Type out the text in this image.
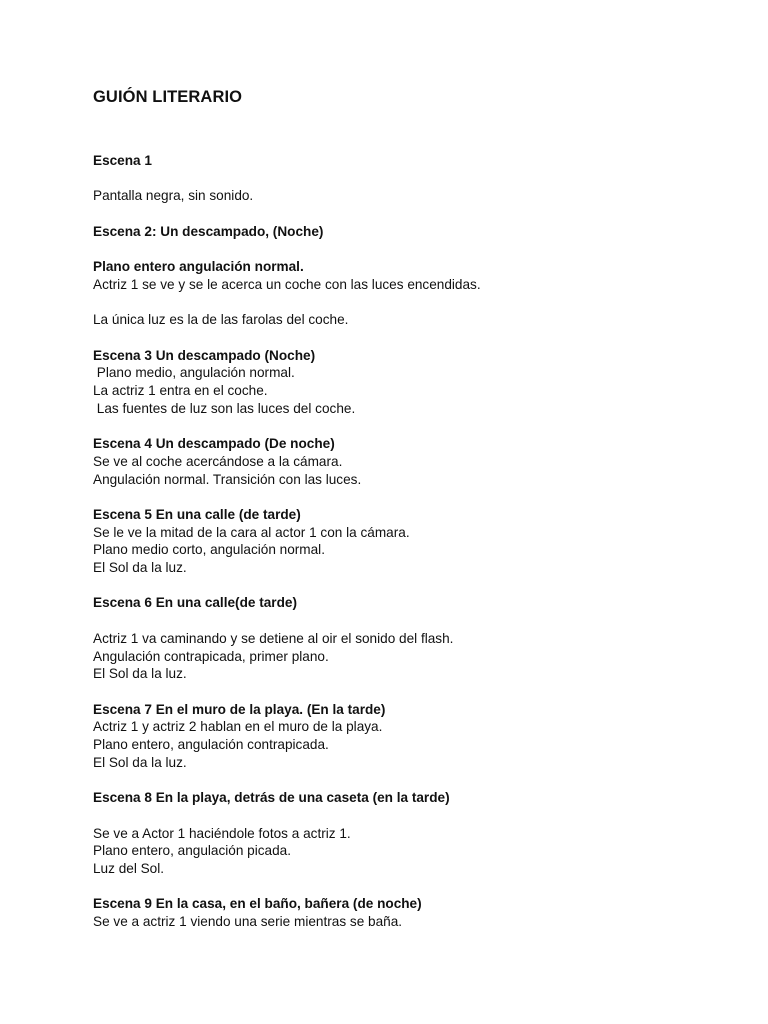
GUIÓN LITERARIO

Escena 1

Pantalla negra, sin sonido.

Escena 2: Un descampado, (Noche)

Plano entero angulación normal.

Actriz 1 se ve y se le acerca un coche con las luces encendidas.

La única luz es la de las farolas del coche.

Escena 3 Un descampado (Noche)

Plano medio, angulación normal.

La actriz 1 entra en el coche.

Las fuentes de luz son las luces del coche.

Escena 4 Un descampado (De noche)

Se ve al coche acercándose a la cámara.

Angulación normal. Transición con las luces.

Escena 5 En una calle (de tarde)

Se le ve la mitad de la cara al actor 1 con la cámara.

Plano medio corto, angulación normal.

El Sol da la luz.

Escena 6 En una calle(de tarde)

Actriz 1 va caminando y se detiene al oir el sonido del flash.

Angulación contrapicada, primer plano.

El Sol da la luz.

Escena 7 En el muro de la playa. (En la tarde)

Actriz 1 y actriz 2 hablan en el muro de la playa.

Plano entero, angulación contrapicada.

El Sol da la luz.

Escena 8 En la playa, detrás de una caseta (en la tarde)

Se ve a Actor 1 haciéndole fotos a actriz 1.

Plano entero, angulación picada.

Luz del Sol.

Escena 9 En la casa, en el baño, bañera (de noche)

Se ve a actriz 1 viendo una serie mientras se baña.
